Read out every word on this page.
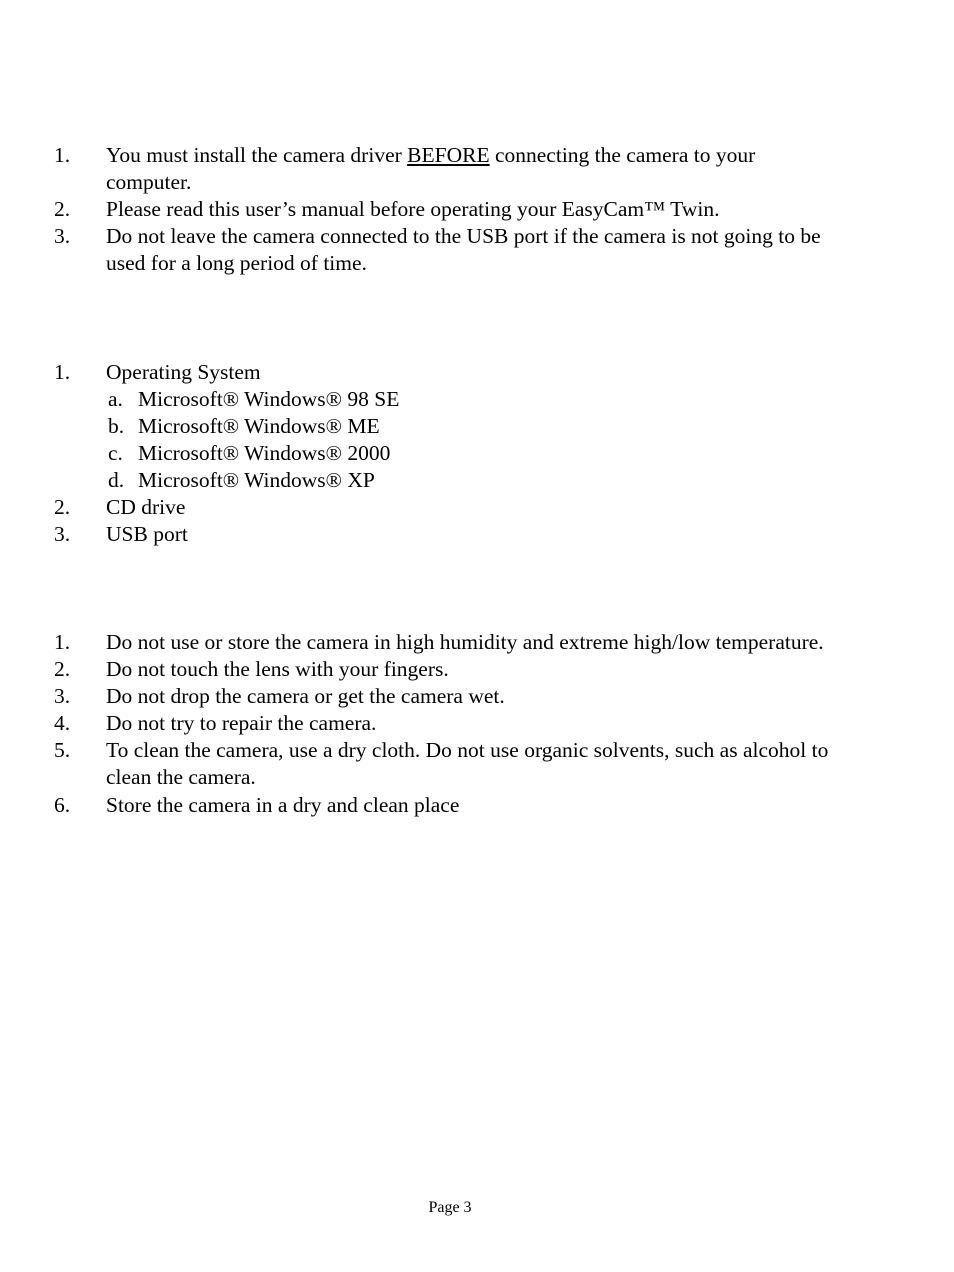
1. You must install the camera driver BEFORE connecting the camera to your
computer.
2. Please read this user’s manual before operating your EasyCam™ Twin.
3. Do not leave the camera connected to the USB port if the camera is not going to be
used for a long period of time.
1. Operating System
a. Microsoft® Windows® 98 SE
b. Microsoft® Windows® ME
c. Microsoft® Windows® 2000
d. Microsoft® Windows® XP
2. CD drive
3. USB port
1. Do not use or store the camera in high humidity and extreme high/low temperature.
2. Do not touch the lens with your fingers.
3. Do not drop the camera or get the camera wet.
4. Do not try to repair the camera.
5. To clean the camera, use a dry cloth. Do not use organic solvents, such as alcohol to
clean the camera.
6. Store the camera in a dry and clean place
Page 3
